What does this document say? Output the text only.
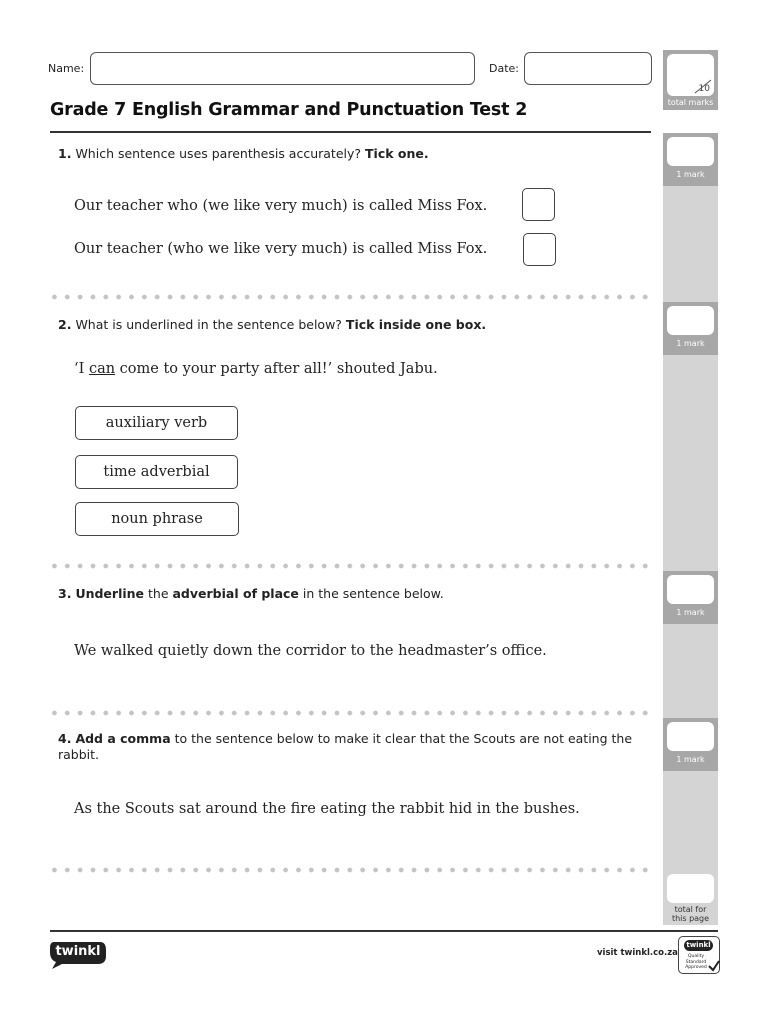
10
total marks
1 mark
1 mark
1 mark
1 mark
total for this page
Name:	Date:
Grade 7 English Grammar and Punctuation Test 2
1. Which sentence uses parenthesis accurately? Tick one.
Our teacher who (we like very much) is called Miss Fox.
Our teacher (who we like very much) is called Miss Fox.
2. What is underlined in the sentence below? Tick inside one box.
‘I can come to your party after all!’ shouted Jabu.
auxiliary verb
time adverbial
noun phrase
3. Underline the adverbial of place in the sentence below.
We walked quietly down the corridor to the headmaster’s office.
4. Add a comma to the sentence below to make it clear that the Scouts are not eating the rabbit.
As the Scouts sat around the fire eating the rabbit hid in the bushes.
twinkl	visit twinkl.co.za
twinkl
Quality Standard Approved
